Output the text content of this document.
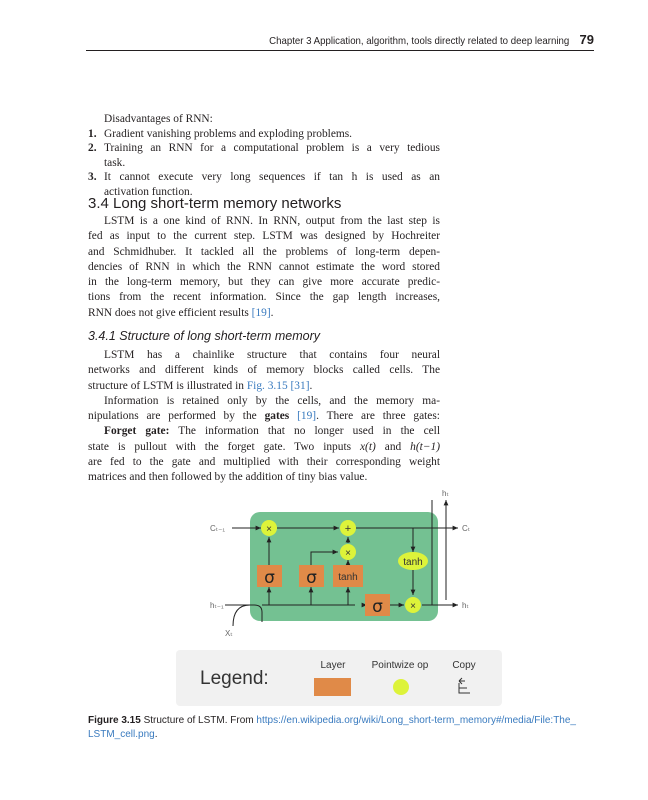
Chapter 3 Application, algorithm, tools directly related to deep learning 79
Disadvantages of RNN:
1. Gradient vanishing problems and exploding problems.
2. Training an RNN for a computational problem is a very tedious
task.
3. It cannot execute very long sequences if tan h is used as an
activation function.
3.4 Long short-term memory networks
LSTM is a one kind of RNN. In RNN, output from the last step is
fed as input to the current step. LSTM was designed by Hochreiter
and Schmidhuber. It tackled all the problems of long-term depen-
dencies of RNN in which the RNN cannot estimate the word stored
in the long-term memory, but they can give more accurate predic-
tions from the recent information. Since the gap length increases,
RNN does not give efficient results [19].
3.4.1 Structure of long short-term memory
LSTM has a chainlike structure that contains four neural
networks and different kinds of memory blocks called cells. The
structure of LSTM is illustrated in Fig. 3.15 [31].
Information is retained only by the cells, and the memory ma-
nipulations are performed by the gates [19]. There are three gates:
Forget gate: The information that no longer used in the cell
state is pullout with the forget gate. Two inputs x(t) and h(t−1)
are fed to the gate and multiplied with their corresponding weight
matrices and then followed by the addition of tiny bias value.
×	+
×
×
tanh
σ σ tanh
σ
Cₜ₋₁
hₜ₋₁
Xₜ
Cₜ
hₜ
hₜ
Legend:
Layer	Pointwize op Copy
Figure 3.15 Structure of LSTM. From https://en.wikipedia.org/wiki/Long_short-term_memory#/media/File:The_
LSTM_cell.png.
